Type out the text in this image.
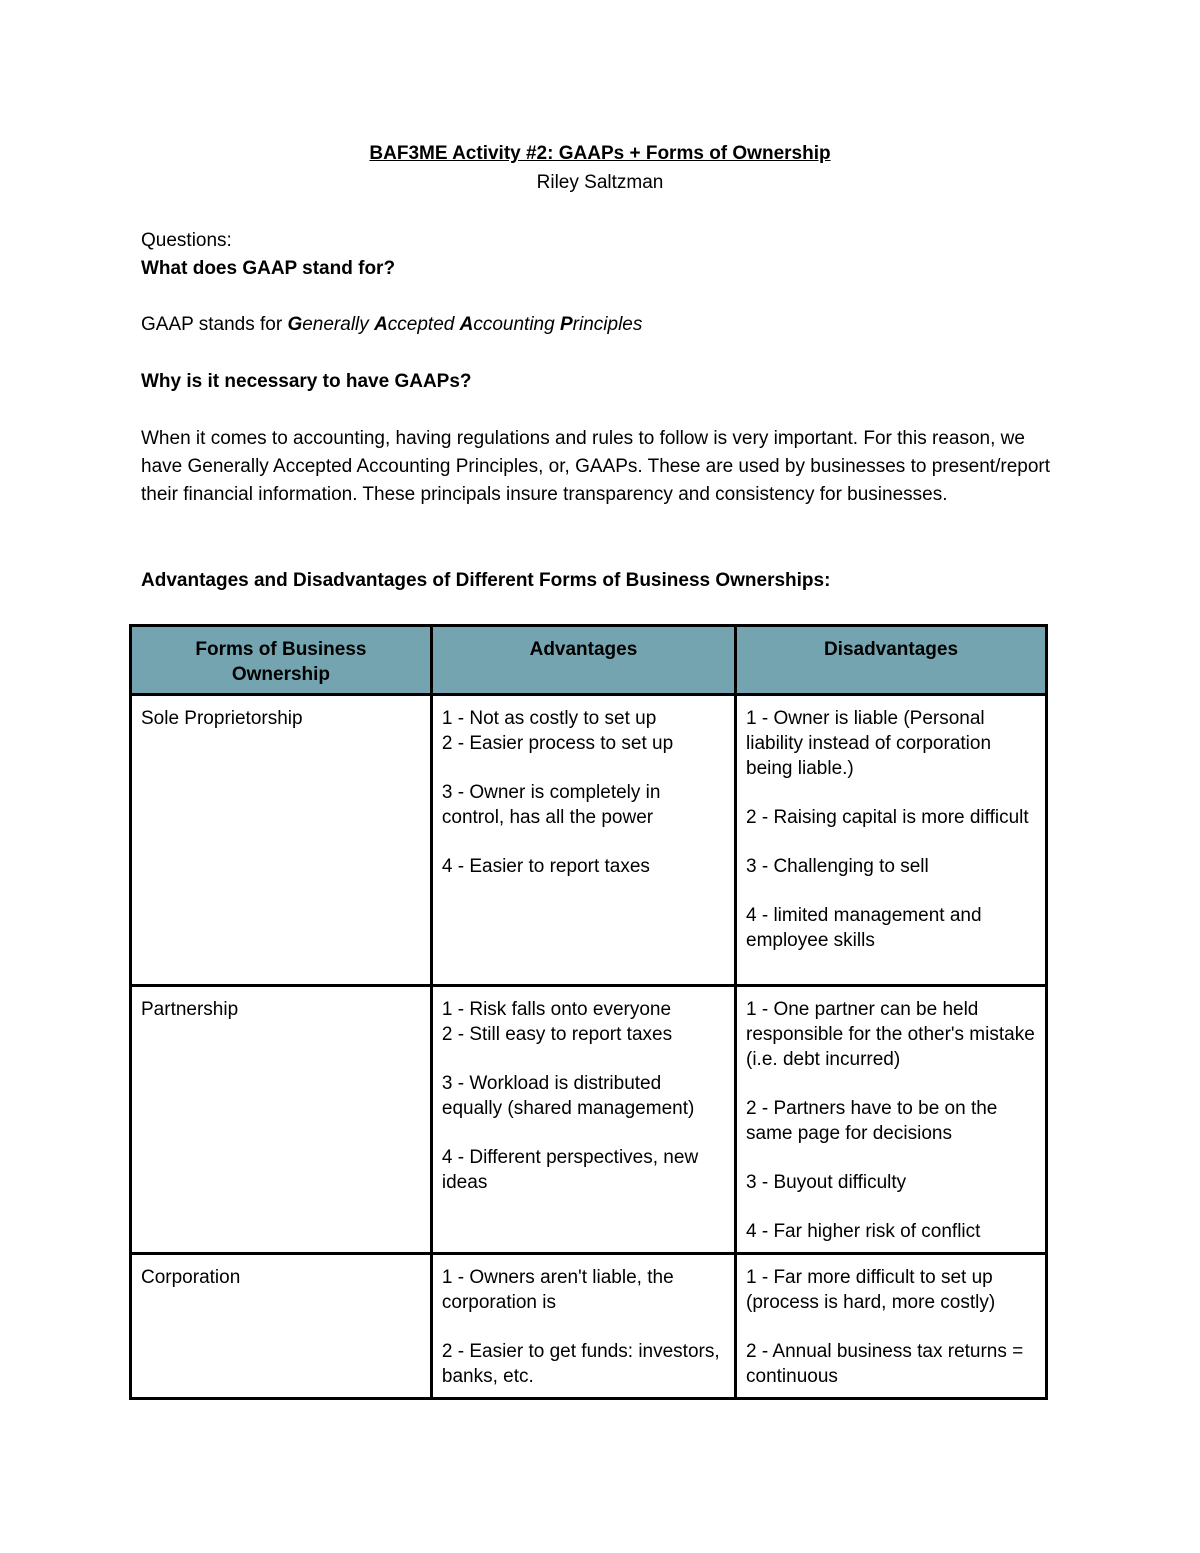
BAF3ME Activity #2: GAAPs + Forms of Ownership
Riley Saltzman
Questions:
What does GAAP stand for?
GAAP stands for Generally Accepted Accounting Principles
Why is it necessary to have GAAPs?
When it comes to accounting, having regulations and rules to follow is very important. For this reason, we have Generally Accepted Accounting Principles, or, GAAPs. These are used by businesses to present/report their financial information. These principals insure transparency and consistency for businesses.
Advantages and Disadvantages of Different Forms of Business Ownerships:
Forms of Business Ownership	Advantages	Disadvantages
Sole Proprietorship	1 - Not as costly to set up
2 - Easier process to set up
3 - Owner is completely in control, has all the power
4 - Easier to report taxes	1 - Owner is liable (Personal liability instead of corporation being liable.)
2 - Raising capital is more difficult
3 - Challenging to sell
4 - limited management and employee skills

Partnership	1 - Risk falls onto everyone
2 - Still easy to report taxes
3 - Workload is distributed equally (shared management)
4 - Different perspectives, new ideas	1 - One partner can be held responsible for the other's mistake (i.e. debt incurred)
2 - Partners have to be on the same page for decisions
3 - Buyout difficulty
4 - Far higher risk of conflict

Corporation	1 - Owners aren't liable, the corporation is
2 - Easier to get funds: investors, banks, etc.	1 - Far more difficult to set up (process is hard, more costly)
2 - Annual business tax returns = continuous
